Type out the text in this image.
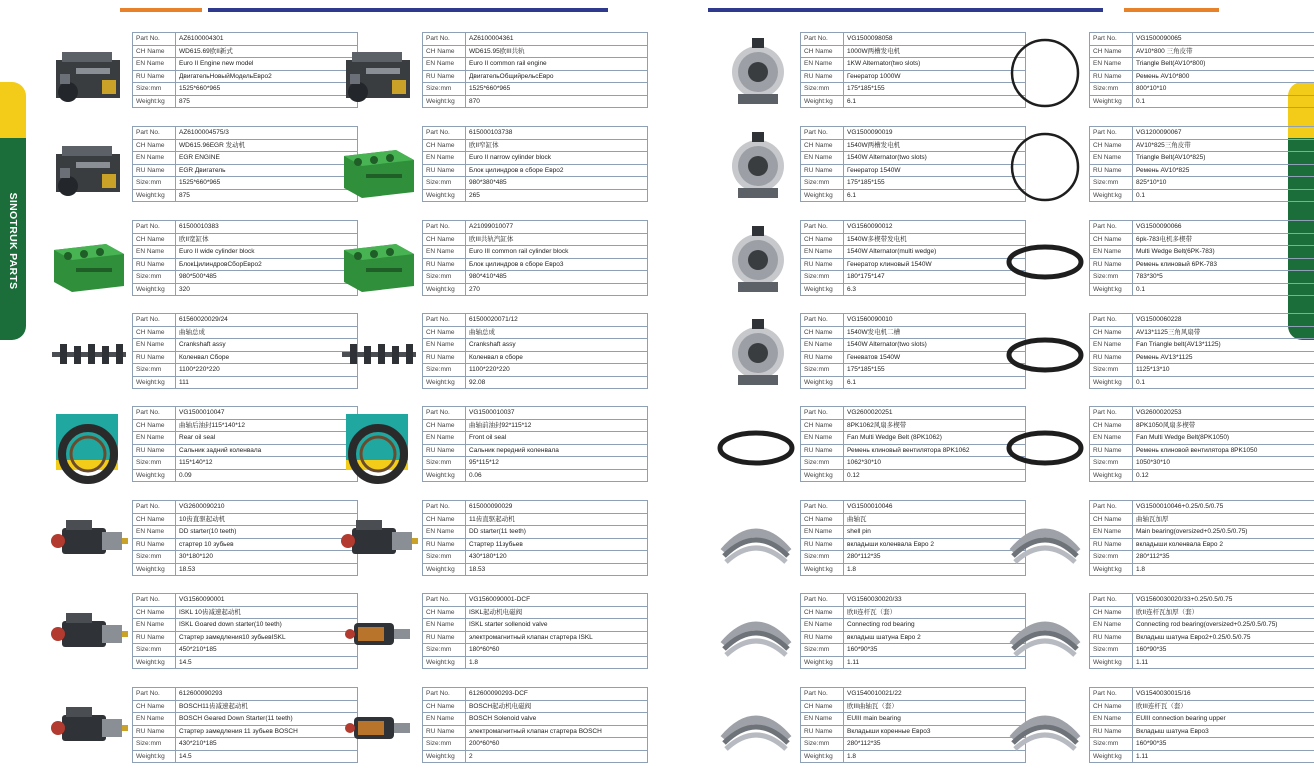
SINOTRUK PARTS	SINOTRUK PARTS
Part No.	AZ6100004301
CH Name	WD615.69欧II新式
EN Name	Euro II Engine new model
RU Name	ДвигательНовыйМодельЕвро2
Size:mm	1525*660*965
Weight:kg	875
Part No.	AZ6100004575/3
CH Name	WD615.96EGR 发动机
EN Name	EGR ENGINE
RU Name	EGR Двигатель
Size:mm	1525*660*965
Weight:kg	875
Part No.	61500010383
CH Name	欧II宽缸体
EN Name	Euro II wide cylinder block
RU Name	БлокЦилиндровСборЕвро2
Size:mm	980*500*485
Weight:kg	320
Part No.	61560020029/24
CH Name	曲轴总成
EN Name	Crankshaft assy
RU Name	Коленвал Сборе
Size:mm	1100*220*220
Weight:kg	111
Part No.	VG1500010047
CH Name	曲轴后油封115*140*12
EN Name	Rear oil seal
RU Name	Сальник задний коленвала
Size:mm	115*140*12
Weight:kg	0.09
Part No.	VG2600090210
CH Name	10齿直驱起动机
EN Name	DD starter(10 teeth)
RU Name	стартер 10 зубьев
Size:mm	30*180*120
Weight:kg	18.53
Part No.	VG1560090001
CH Name	ISKL 10齿减速起动机
EN Name	ISKL Goared down starter(10 teeth)
RU Name	Стартер замедления10 зубьевISKL
Size:mm	450*210*185
Weight:kg	14.5
Part No.	612600090293
CH Name	BOSCH11齿减速起动机
EN Name	BOSCH Geared Down Starter(11 teeth)
RU Name	Стартер замедления 11 зубьев BOSCH
Size:mm	430*210*185
Weight:kg	14.5
Part No.	AZ6100004361
CH Name	WD615.95欧III共轨
EN Name	Euro II common rail engine
RU Name	ДвигательОбщийрельсЕвро
Size:mm	1525*660*965
Weight:kg	870
Part No.	615000103738
CH Name	欧II窄缸体
EN Name	Euro II narrow cylinder block
RU Name	Блок цилиндров в сборе Евро2
Size:mm	980*380*485
Weight:kg	265
Part No.	A21099010077
CH Name	欧III共轨汽缸体
EN Name	Euro III common rail cylinder block
RU Name	Блок цилиндров в сборе Евро3
Size:mm	980*410*485
Weight:kg	270
Part No.	61500020071/12
CH Name	曲轴总成
EN Name	Crankshaft assy
RU Name	Коленвал в сборе
Size:mm	1100*220*220
Weight:kg	92.08
Part No.	VG1500010037
CH Name	曲轴前油封92*115*12
EN Name	Front oil seal
RU Name	Сальник передний коленвала
Size:mm	95*115*12
Weight:kg	0.06
Part No.	615000090029
CH Name	11齿直驱起动机
EN Name	DD starter(11 teeth)
RU Name	Стартер 11зубьев
Size:mm	430*180*120
Weight:kg	18.53
Part No.	VG1560090001-DCF
CH Name	ISKL起动机电磁阀
EN Name	ISKL starter sollenoid valve
RU Name	электромагнитный клапан стартера ISKL
Size:mm	180*60*60
Weight:kg	1.8
Part No.	612600090293-DCF
CH Name	BOSCH起动机电磁阀
EN Name	BOSCH Solenoid valve
RU Name	электромагнитный клапан стартера BOSCH
Size:mm	200*60*60
Weight:kg	2
Part No.	VG1500098058
CH Name	1000W两槽发电机
EN Name	1KW Alternator(two slots)
RU Name	Генератор 1000W
Size:mm	175*185*155
Weight:kg	6.1
Part No.	VG1500090019
CH Name	1540W两槽发电机
EN Name	1540W Alternator(two slots)
RU Name	Генератор 1540W
Size:mm	175*185*155
Weight:kg	6.1
Part No.	VG1560090012
CH Name	1540W多楔带发电机
EN Name	1540W Alternator(multi wedge)
RU Name	Генератор клиновый 1540W
Size:mm	180*175*147
Weight:kg	6.3
Part No.	VG1560090010
CH Name	1540W发电机二槽
EN Name	1540W Alternator(two slots)
RU Name	Геневатов 1540W
Size:mm	175*185*155
Weight:kg	6.1
Part No.	VG2600020251
CH Name	8PK1062风扇多楔带
EN Name	Fan Multi Wedge Belt (8PK1062)
RU Name	Ремень клиновый вентилятора 8PK1062
Size:mm	1062*30*10
Weight:kg	0.12
Part No.	VG1500010046
CH Name	曲轴瓦
EN Name	shell pin
RU Name	вкладыши коленвала Евро 2
Size:mm	280*112*35
Weight:kg	1.8
Part No.	VG1560030020/33
CH Name	欧II连杆瓦（套）
EN Name	Connecting rod bearing
RU Name	вкладыш шатуна Евро 2
Size:mm	160*90*35
Weight:kg	1.11
Part No.	VG1540010021/22
CH Name	欧III曲轴瓦（套）
EN Name	EUIII main bearing
RU Name	Вкладыши коренные Евро3
Size:mm	280*112*35
Weight:kg	1.8
Part No.	VG1500090065
CH Name	AV10*800 三角皮带
EN Name	Triangle Belt(AV10*800)
RU Name	Ремень AV10*800
Size:mm	800*10*10
Weight:kg	0.1
Part No.	VG1200090067
CH Name	AV10*825三角皮带
EN Name	Triangle Belt(AV10*825)
RU Name	Ремень AV10*825
Size:mm	825*10*10
Weight:kg	0.1
Part No.	VG1500090066
CH Name	6pk-783电机多楔带
EN Name	Multi Wedge Belt(6PK-783)
RU Name	Ремень клиновый 6PK-783
Size:mm	783*30*5
Weight:kg	0.1
Part No.	VG1500060228
CH Name	AV13*1125三角风扇带
EN Name	Fan Triangle belt(AV13*1125)
RU Name	Ремень AV13*1125
Size:mm	1125*13*10
Weight:kg	0.1
Part No.	VG2600020253
CH Name	8PK1050风扇多楔带
EN Name	Fan Multi Wedge Belt(8PK1050)
RU Name	Ремень клиновой вентилятора 8PK1050
Size:mm	1050*30*10
Weight:kg	0.12
Part No.	VG1500010046+0.25/0.5/0.75
CH Name	曲轴瓦加厚
EN Name	Main bearing(oversized+0.25/0.5/0.75)
RU Name	вкладыши коленвала Евро 2
Size:mm	280*112*35
Weight:kg	1.8
Part No.	VG1560030020/33+0.25/0.5/0.75
CH Name	欧II连杆瓦加厚（套）
EN Name	Connecting rod bearing(oversized+0.25/0.5/0.75)
RU Name	Вкладыш шатуна Евро2+0.25/0.5/0.75
Size:mm	160*90*35
Weight:kg	1.11
Part No.	VG1540030015/16
CH Name	欧III连杆瓦（套）
EN Name	EUIII connection bearing upper
RU Name	Вкладыш шатуна Евро3
Size:mm	160*90*35
Weight:kg	1.11
